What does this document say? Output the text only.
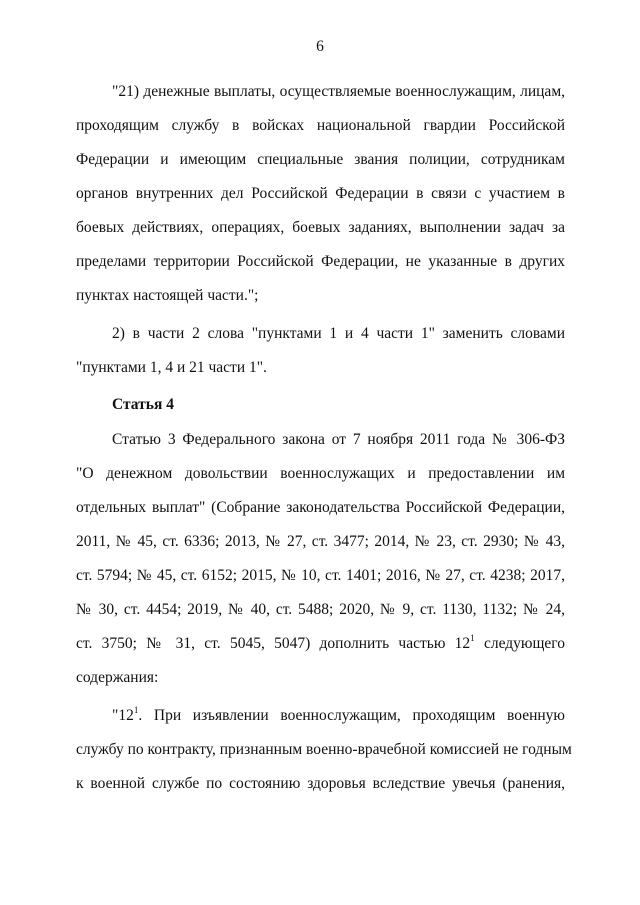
6
"21) денежные выплаты, осуществляемые военнослужащим, лицам,
проходящим службу в войсках национальной гвардии Российской
Федерации и имеющим специальные звания полиции, сотрудникам
органов внутренних дел Российской Федерации в связи с участием в
боевых действиях, операциях, боевых заданиях, выполнении задач за
пределами территории Российской Федерации, не указанные в других
пунктах настоящей части.";
2) в части 2 слова "пунктами 1 и 4 части 1" заменить словами
"пунктами 1, 4 и 21 части 1".
Статья 4
Статью 3 Федерального закона от 7 ноября 2011 года № 306-ФЗ
"О денежном довольствии военнослужащих и предоставлении им
отдельных выплат" (Собрание законодательства Российской Федерации,
2011, № 45, ст. 6336; 2013, № 27, ст. 3477; 2014, № 23, ст. 2930; № 43,
ст. 5794; № 45, ст. 6152; 2015, № 10, ст. 1401; 2016, № 27, ст. 4238; 2017,
№ 30, ст. 4454; 2019, № 40, ст. 5488; 2020, № 9, ст. 1130, 1132; № 24,
ст. 3750; № 31, ст. 5045, 5047) дополнить частью $12^1$ следующего
содержания:
"$12^1$. При изъявлении военнослужащим, проходящим военную
службу по контракту, признанным военно-врачебной комиссией не годным
к военной службе по состоянию здоровья вследствие увечья (ранения,
